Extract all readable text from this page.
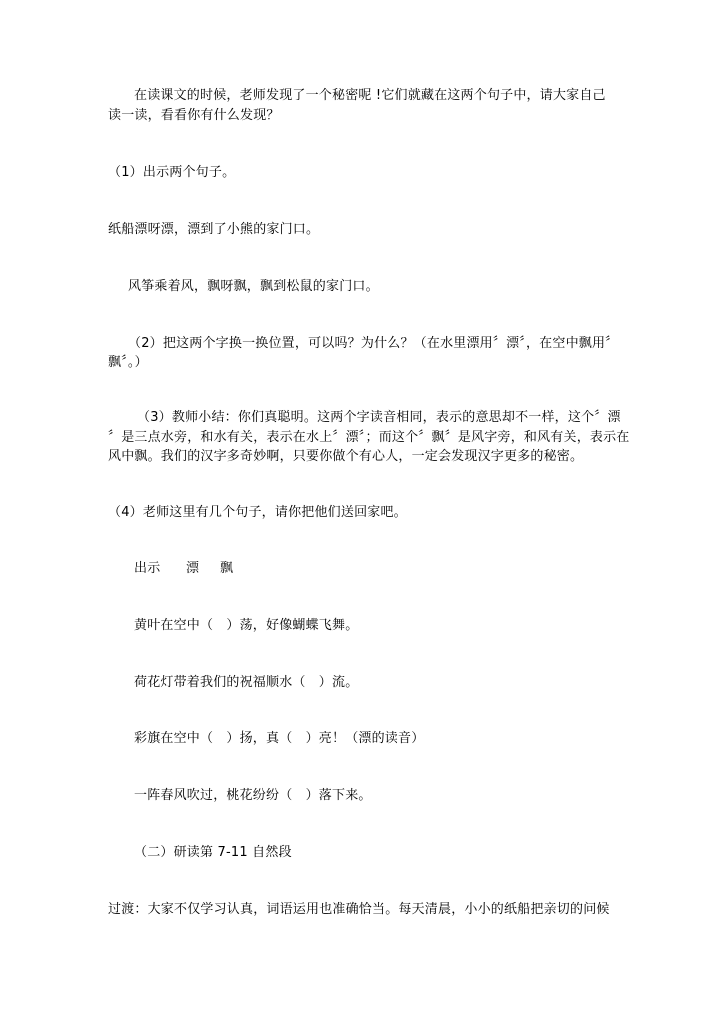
在读课文的时候，老师发现了一个秘密呢 !它们就藏在这两个句子中，请大家自己
读一读，看看你有什么发现？
（1）出示两个句子。
纸船漂呀漂，漂到了小熊的家门口。
风筝乘着风，飘呀飘，飘到松鼠的家门口。
（2）把这两个字换一换位置，可以吗？为什么？（在水里漂用〞漂〞，在空中飘用〞
飘〞。）
（3）教师小结：你们真聪明。这两个字读音相同，表示的意思却不一样，这个〞漂
〞是三点水旁，和水有关，表示在水上〞漂〞；而这个〞飘〞是风字旁，和风有关，表示在
风中飘。我们的汉字多奇妙啊，只要你做个有心人，一定会发现汉字更多的秘密。
（4）老师这里有几个句子，请你把他们送回家吧。
出示 漂 飘
黄叶在空中（　）荡，好像蝴蝶飞舞。
荷花灯带着我们的祝福顺水（　）流。
彩旗在空中（　）扬，真（　）亮！（漂的读音）
一阵春风吹过，桃花纷纷（　）落下来。
（二）研读第 7-11 自然段
过渡：大家不仅学习认真，词语运用也准确恰当。每天清晨，小小的纸船把亲切的问候
